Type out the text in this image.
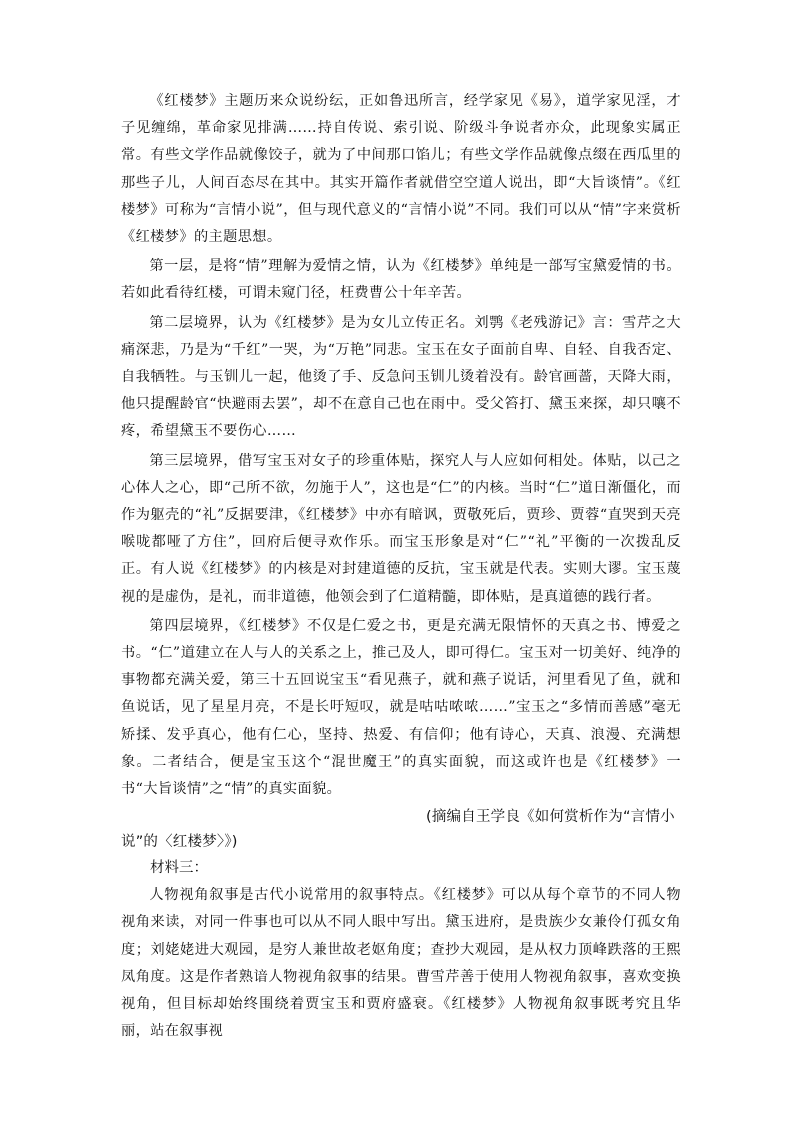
《红楼梦》主题历来众说纷纭，正如鲁迅所言，经学家见《易》，道学家见淫，才子见缠绵，革命家见排满……持自传说、索引说、阶级斗争说者亦众，此现象实属正常。有些文学作品就像饺子，就为了中间那口馅儿；有些文学作品就像点缀在西瓜里的那些子儿，人间百态尽在其中。其实开篇作者就借空空道人说出，即“大旨谈情”。《红楼梦》可称为“言情小说”，但与现代意义的“言情小说”不同。我们可以从“情”字来赏析《红楼梦》的主题思想。

第一层，是将“情”理解为爱情之情，认为《红楼梦》单纯是一部写宝黛爱情的书。若如此看待红楼，可谓未窥门径，枉费曹公十年辛苦。

第二层境界，认为《红楼梦》是为女儿立传正名。刘鹗《老残游记》言：雪芹之大痛深悲，乃是为“千红”一哭，为“万艳”同悲。宝玉在女子面前自卑、自轻、自我否定、自我牺牲。与玉钏儿一起，他烫了手、反急问玉钏儿烫着没有。龄官画蔷，天降大雨，他只提醒龄官“快避雨去罢”，却不在意自己也在雨中。受父笞打、黛玉来探，却只嚷不疼，希望黛玉不要伤心……

第三层境界，借写宝玉对女子的珍重体贴，探究人与人应如何相处。体贴，以己之心体人之心，即“己所不欲，勿施于人”，这也是“仁”的内核。当时“仁”道日渐僵化，而作为躯壳的“礼”反据要津，《红楼梦》中亦有暗讽，贾敬死后，贾珍、贾蓉“直哭到天亮喉咙都哑了方住”，回府后便寻欢作乐。而宝玉形象是对“仁”“礼”平衡的一次拨乱反正。有人说《红楼梦》的内核是对封建道德的反抗，宝玉就是代表。实则大谬。宝玉蔑视的是虚伪，是礼，而非道德，他领会到了仁道精髓，即体贴，是真道德的践行者。

第四层境界，《红楼梦》不仅是仁爱之书，更是充满无限情怀的天真之书、博爱之书。“仁”道建立在人与人的关系之上，推己及人，即可得仁。宝玉对一切美好、纯净的事物都充满关爱，第三十五回说宝玉“看见燕子，就和燕子说话，河里看见了鱼，就和鱼说话，见了星星月亮，不是长吁短叹，就是咕咕哝哝……”宝玉之“多情而善感”毫无矫揉、发乎真心，他有仁心，坚持、热爱、有信仰；他有诗心，天真、浪漫、充满想象。二者结合，便是宝玉这个“混世魔王”的真实面貌，而这或许也是《红楼梦》一书“大旨谈情”之“情”的真实面貌。

(摘编自王学良《如何赏析作为“言情小说”的〈红楼梦〉》)

材料三：

人物视角叙事是古代小说常用的叙事特点。《红楼梦》可以从每个章节的不同人物视角来读，对同一件事也可以从不同人眼中写出。黛玉进府，是贵族少女兼伶仃孤女角度；刘姥姥进大观园，是穷人兼世故老妪角度；查抄大观园，是从权力顶峰跌落的王熙凤角度。这是作者熟谙人物视角叙事的结果。曹雪芹善于使用人物视角叙事，喜欢变换视角，但目标却始终围绕着贾宝玉和贾府盛衰。《红楼梦》人物视角叙事既考究且华丽，站在叙事视
